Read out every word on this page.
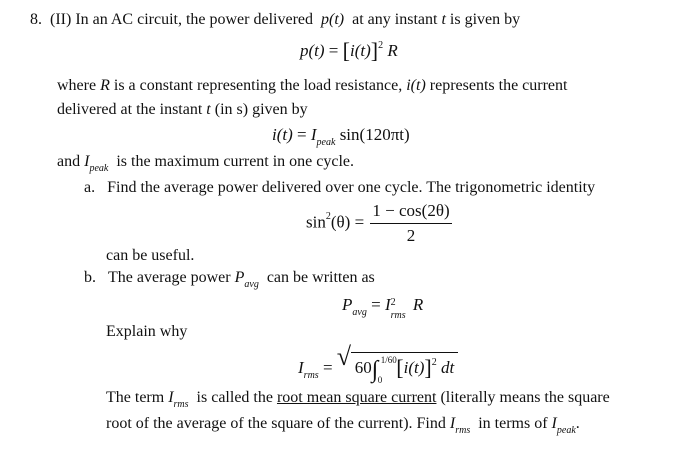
8. (II) In an AC circuit, the power delivered p(t) at any instant t is given by
$p(t) = [i(t)]^2$ R
where R is a constant representing the load resistance, i(t) represents the current
delivered at the instant t (in s) given by
$i(t) = I_{peak}$ sin(120πt)
and $I_{peak}$ is the maximum current in one cycle.
a. Find the average power delivered over one cycle. The trigonometric identity
$\sin^2(\theta) = \frac{1 - \cos(2\theta)}{2}$
can be useful.
b. The average power $P_{avg}$ can be written as
$P_{avg} = I$ 2
rms
R
Explain why
$I_{rms}$ = √ 60∫ 1/60
0 $[i(t)]^2$ dt
The term $I_{rms}$ is called the root mean square current (literally means the square
root of the average of the square of the current). Find $I_{rms}$ in terms of $I_{peak}$.
